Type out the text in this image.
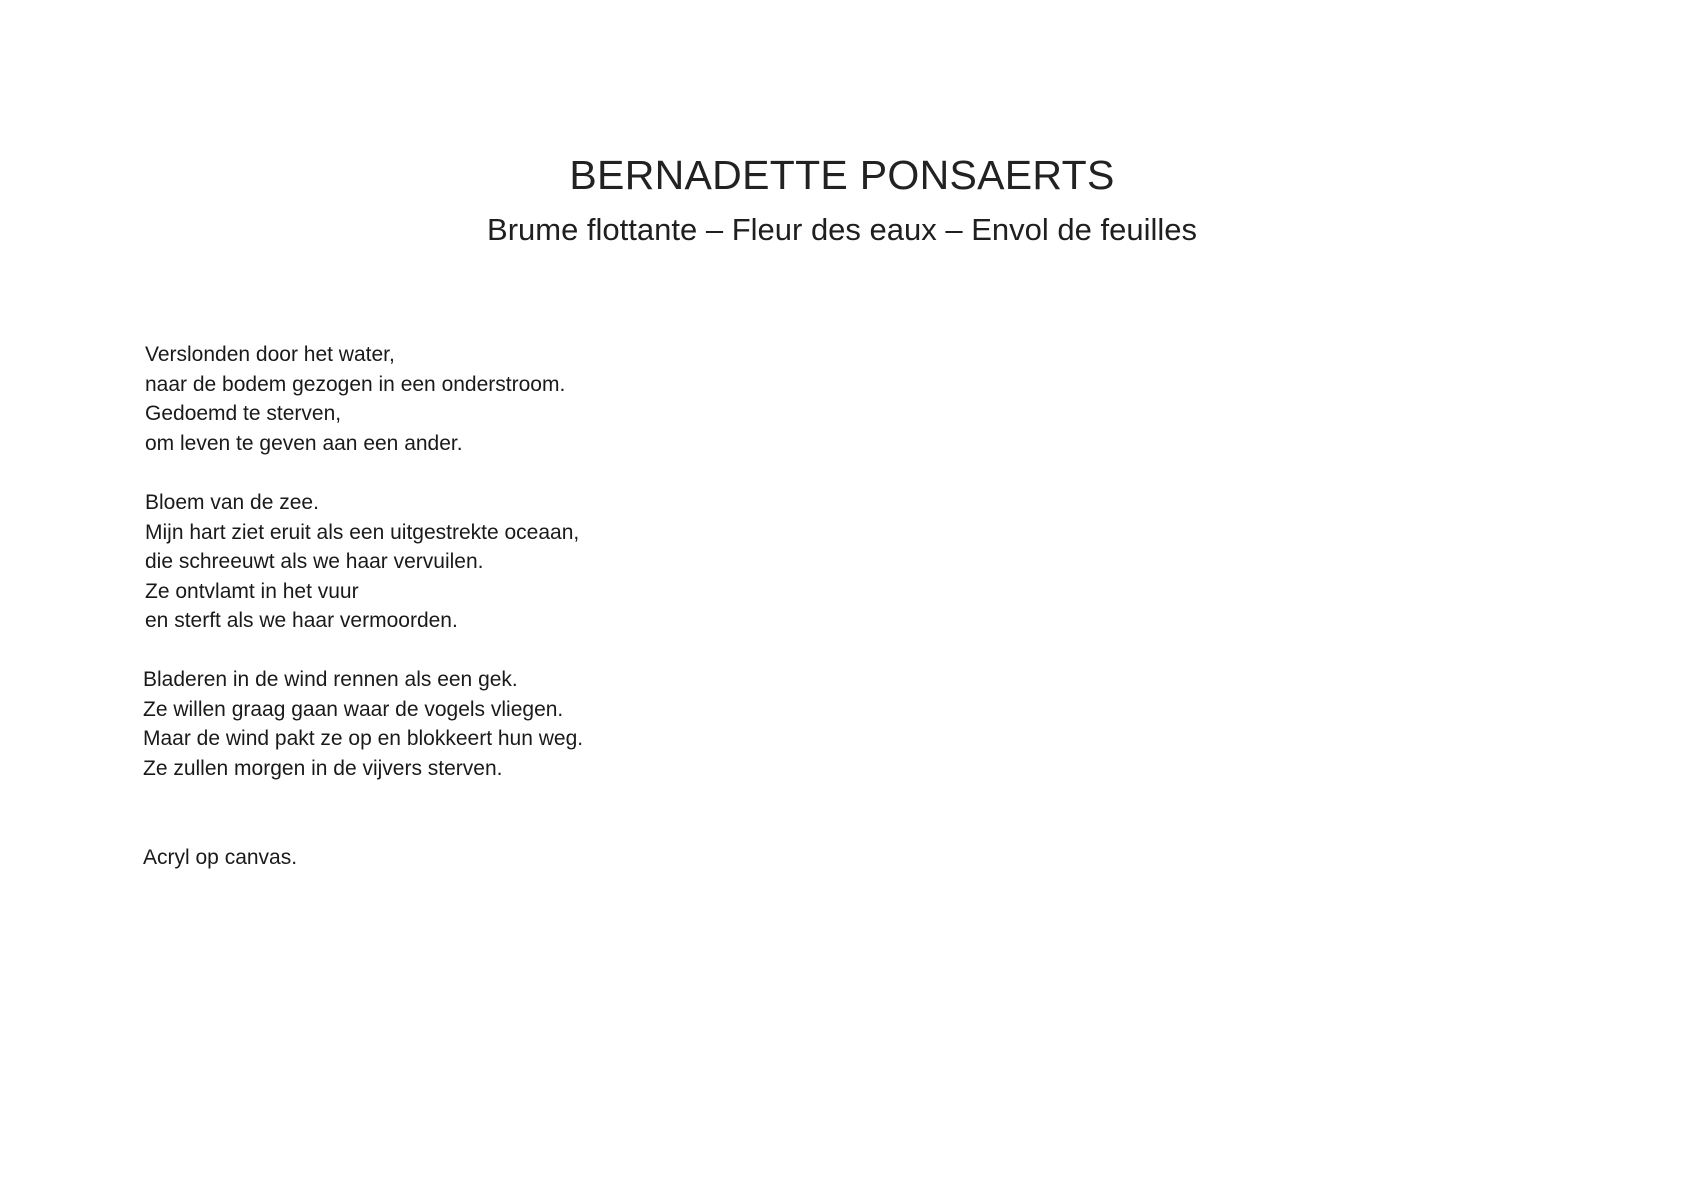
BERNADETTE PONSAERTS
Brume flottante – Fleur des eaux – Envol de feuilles
Verslonden door het water,
naar de bodem gezogen in een onderstroom.
Gedoemd te sterven,
om leven te geven aan een ander.
Bloem van de zee.
Mijn hart ziet eruit als een uitgestrekte oceaan,
die schreeuwt als we haar vervuilen.
Ze ontvlamt in het vuur
en sterft als we haar vermoorden.
Bladeren in de wind rennen als een gek.
Ze willen graag gaan waar de vogels vliegen.
Maar de wind pakt ze op en blokkeert hun weg.
Ze zullen morgen in de vijvers sterven.
Acryl op canvas.
